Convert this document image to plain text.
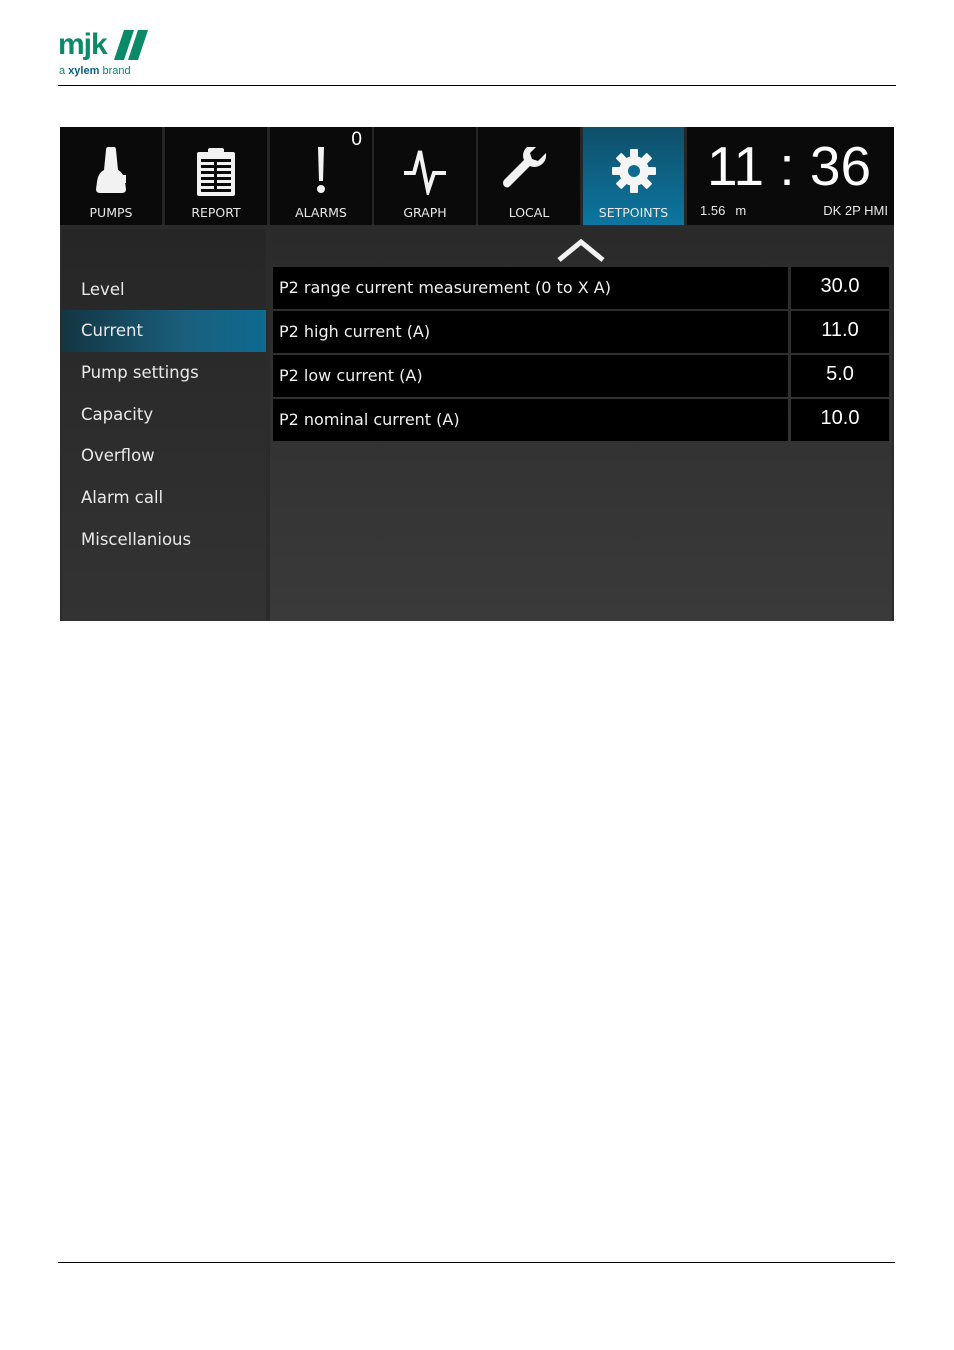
mjk
a xylem brand
PUMPS	REPORT
0
ALARMS	GRAPH	LOCAL	SETPOINTS
11 : 36
1.56 m	DK 2P HMI
Level
Current
Pump settings
Capacity
Overflow
Alarm call
Miscellanious
P2 range current measurement (0 to X A)	30.0
P2 high current (A)	11.0
P2 low current (A)	5.0
P2 nominal current (A)	10.0
